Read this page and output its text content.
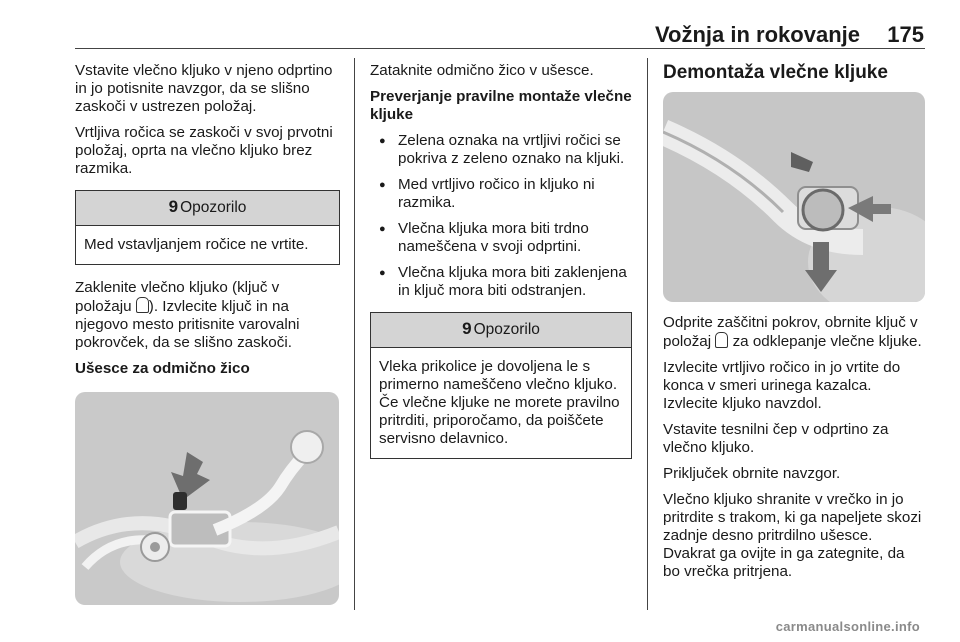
Vožnja in rokovanje 175

Vstavite vlečno kljuko v njeno odprtino in jo potisnite navzgor, da se slišno zaskoči v ustrezen položaj.

Vrtljiva ročica se zaskoči v svoj prvotni položaj, oprta na vlečno kljuko brez razmika.

9 Opozorilo
Med vstavljanjem ročice ne vrtite.

Zaklenite vlečno kljuko (ključ v položaju ). Izvlecite ključ in na njegovo mesto pritisnite varovalni pokrovček, da se slišno zaskoči.

Ušesce za odmično žico

Zataknite odmično žico v ušesce.

Preverjanje pravilne montaže vlečne kljuke

● Zelena oznaka na vrtljivi ročici se pokriva z zeleno oznako na kljuki.
● Med vrtljivo ročico in kljuko ni razmika.
● Vlečna kljuka mora biti trdno nameščena v svoji odprtini.
● Vlečna kljuka mora biti zaklenjena in ključ mora biti odstranjen.
9 Opozorilo
Vleka prikolice je dovoljena le s primerno nameščeno vlečno kljuko. Če vlečne kljuke ne morete pravilno pritrditi, priporočamo, da poiščete servisno delavnico.

Demontaža vlečne kljuke

Odprite zaščitni pokrov, obrnite ključ v položaj  za odklepanje vlečne kljuke.

Izvlecite vrtljivo ročico in jo vrtite do konca v smeri urinega kazalca. Izvlecite kljuko navzdol.

Vstavite tesnilni čep v odprtino za vlečno kljuko.

Priključek obrnite navzgor.

Vlečno kljuko shranite v vrečko in jo pritrdite s trakom, ki ga napeljete skozi zadnje desno pritrdilno ušesce. Dvakrat ga ovijte in ga zategnite, da bo vrečka pritrjena.

carmanualsonline.info
